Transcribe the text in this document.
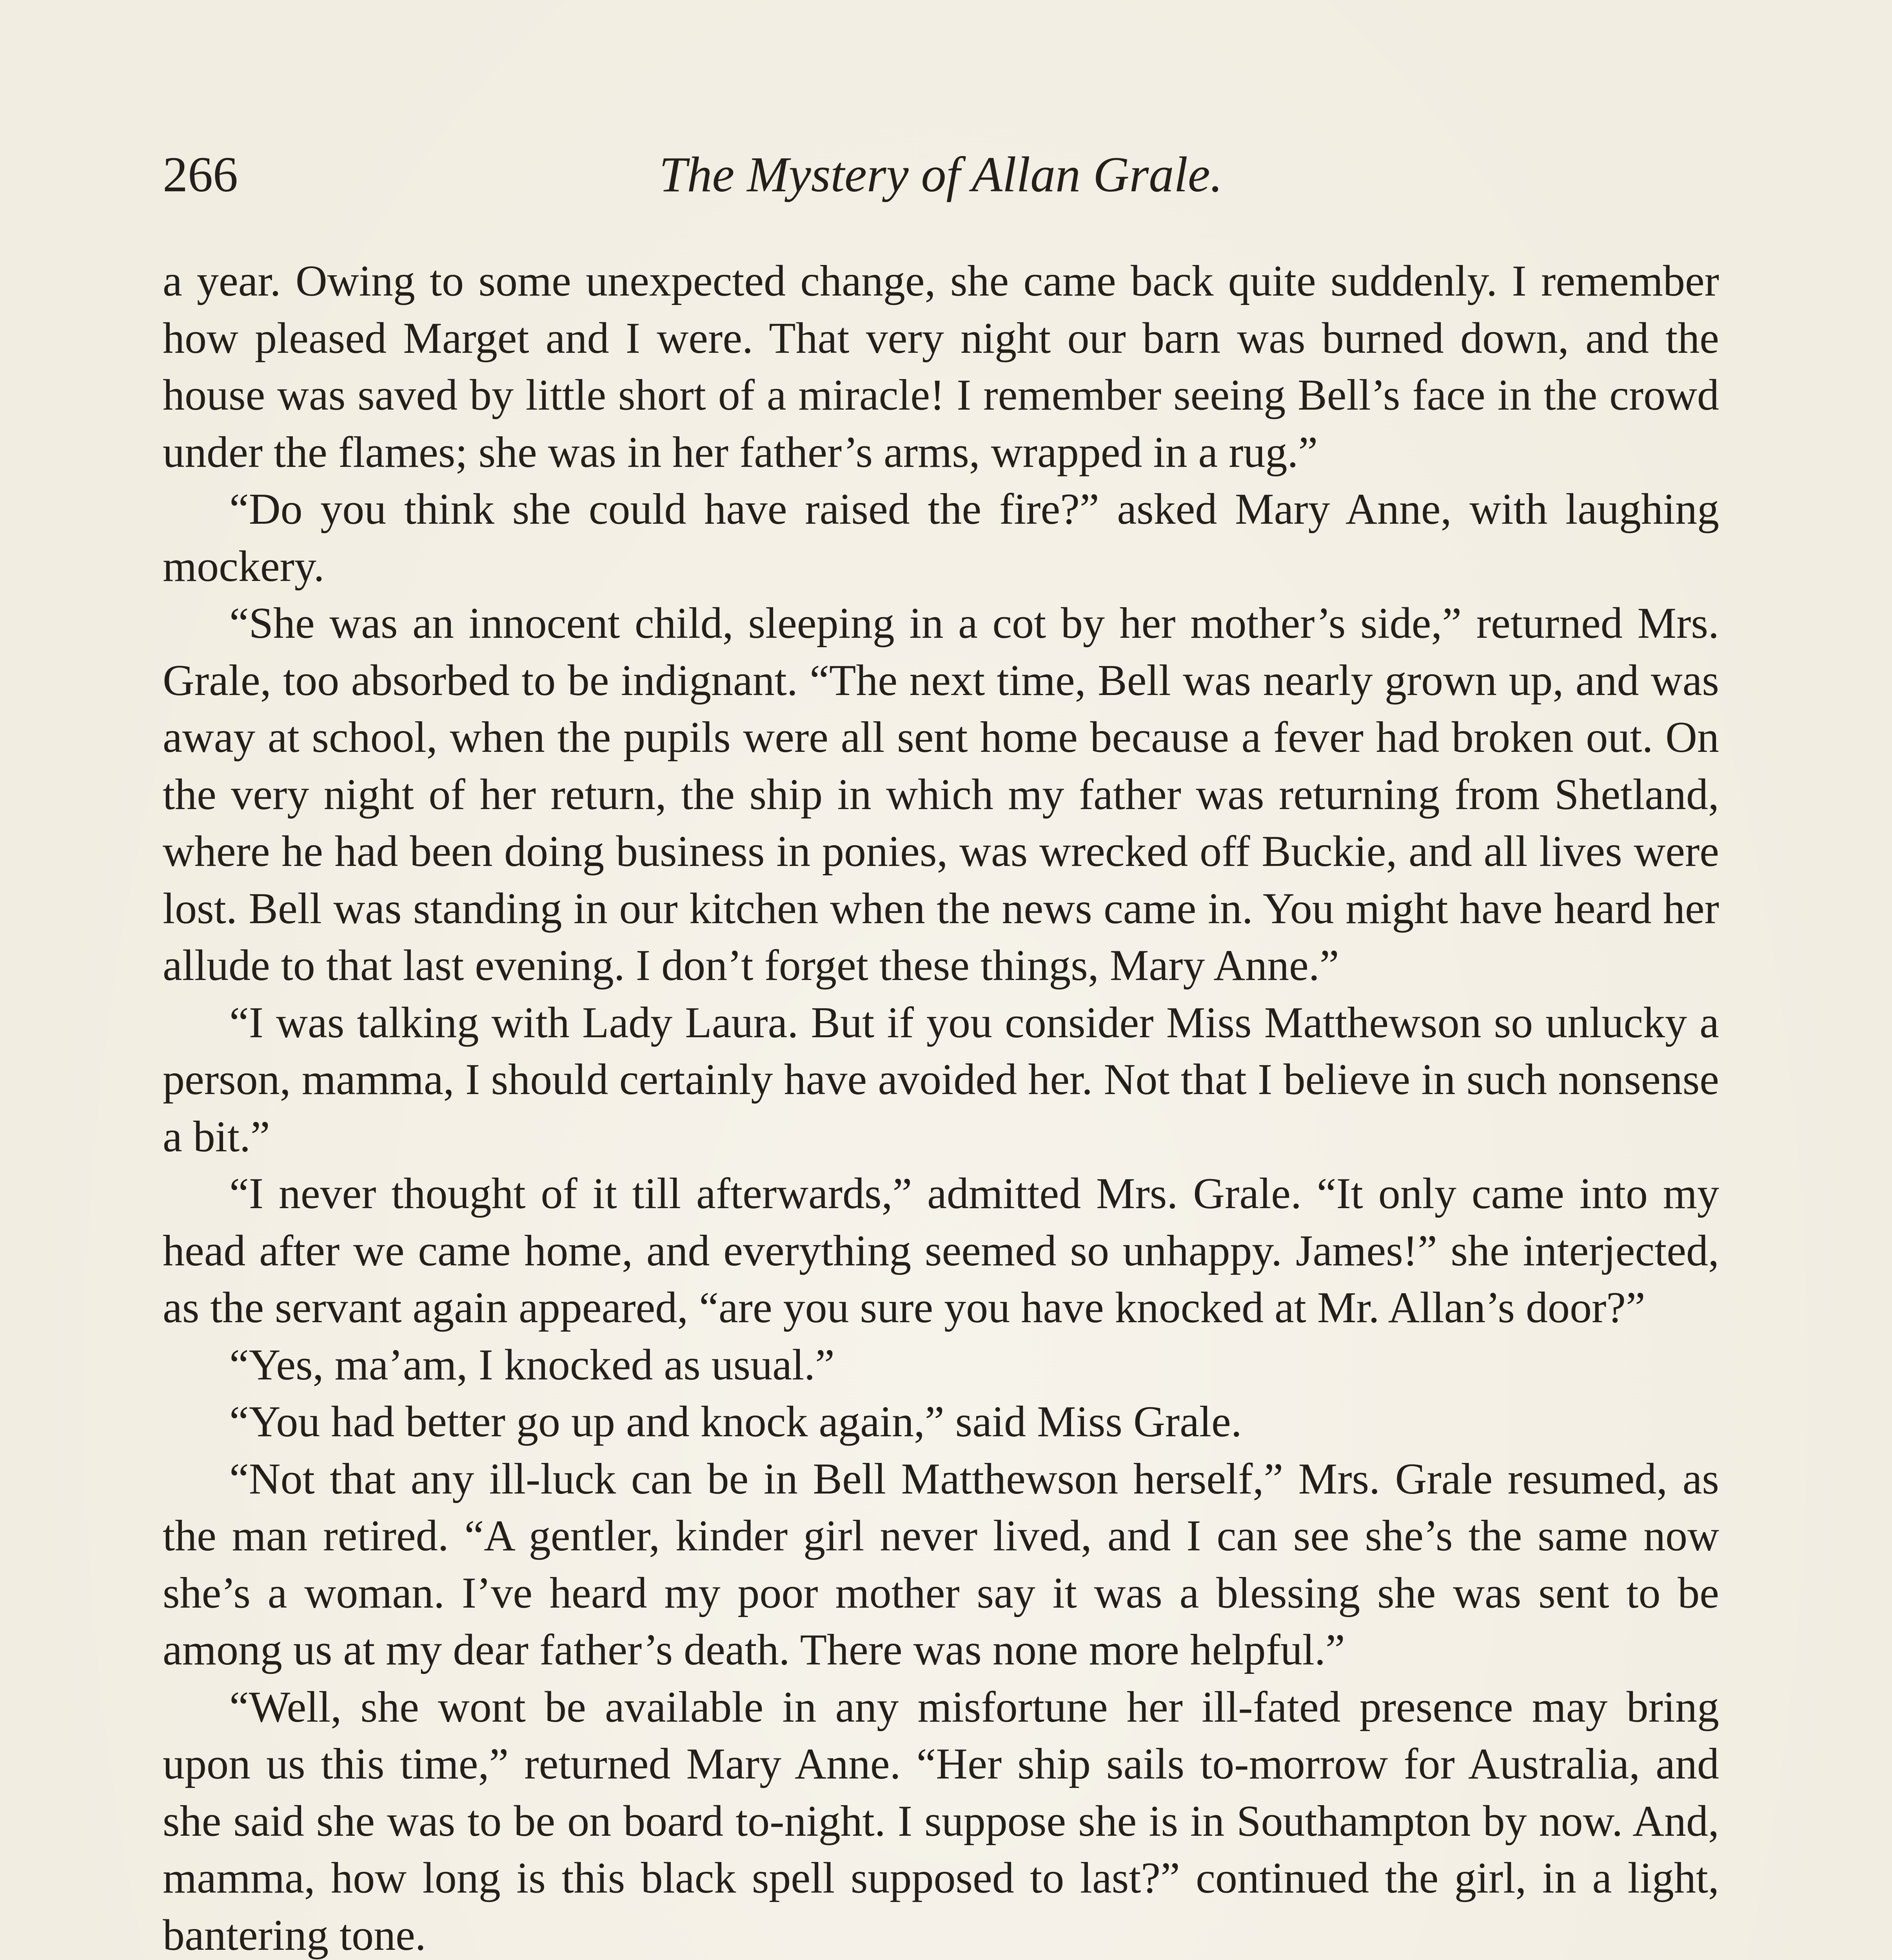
266	The Mystery of Allan Grale.

a year. Owing to some unexpected change, she came back quite suddenly. I remember how pleased Marget and I were. That very night our barn was burned down, and the house was saved by little short of a miracle! I remember seeing Bell’s face in the crowd under the flames; she was in her father’s arms, wrapped in a rug.”

“Do you think she could have raised the fire?” asked Mary Anne, with laughing mockery.

“She was an innocent child, sleeping in a cot by her mother’s side,” returned Mrs. Grale, too absorbed to be indignant. “The next time, Bell was nearly grown up, and was away at school, when the pupils were all sent home because a fever had broken out. On the very night of her return, the ship in which my father was returning from Shetland, where he had been doing business in ponies, was wrecked off Buckie, and all lives were lost. Bell was standing in our kitchen when the news came in. You might have heard her allude to that last evening. I don’t forget these things, Mary Anne.”

“I was talking with Lady Laura. But if you consider Miss Matthewson so unlucky a person, mamma, I should certainly have avoided her. Not that I believe in such nonsense a bit.”

“I never thought of it till afterwards,” admitted Mrs. Grale. “It only came into my head after we came home, and everything seemed so unhappy. James!” she interjected, as the servant again appeared, “are you sure you have knocked at Mr. Allan’s door?”

“Yes, ma’am, I knocked as usual.”

“You had better go up and knock again,” said Miss Grale.

“Not that any ill-luck can be in Bell Matthewson herself,” Mrs. Grale resumed, as the man retired. “A gentler, kinder girl never lived, and I can see she’s the same now she’s a woman. I’ve heard my poor mother say it was a blessing she was sent to be among us at my dear father’s death. There was none more helpful.”

“Well, she wont be available in any misfortune her ill-fated presence may bring upon us this time,” returned Mary Anne. “Her ship sails to-morrow for Australia, and she said she was to be on board to-night. I suppose she is in Southampton by now. And, mamma, how long is this black spell supposed to last?” continued the girl, in a light, bantering tone.
